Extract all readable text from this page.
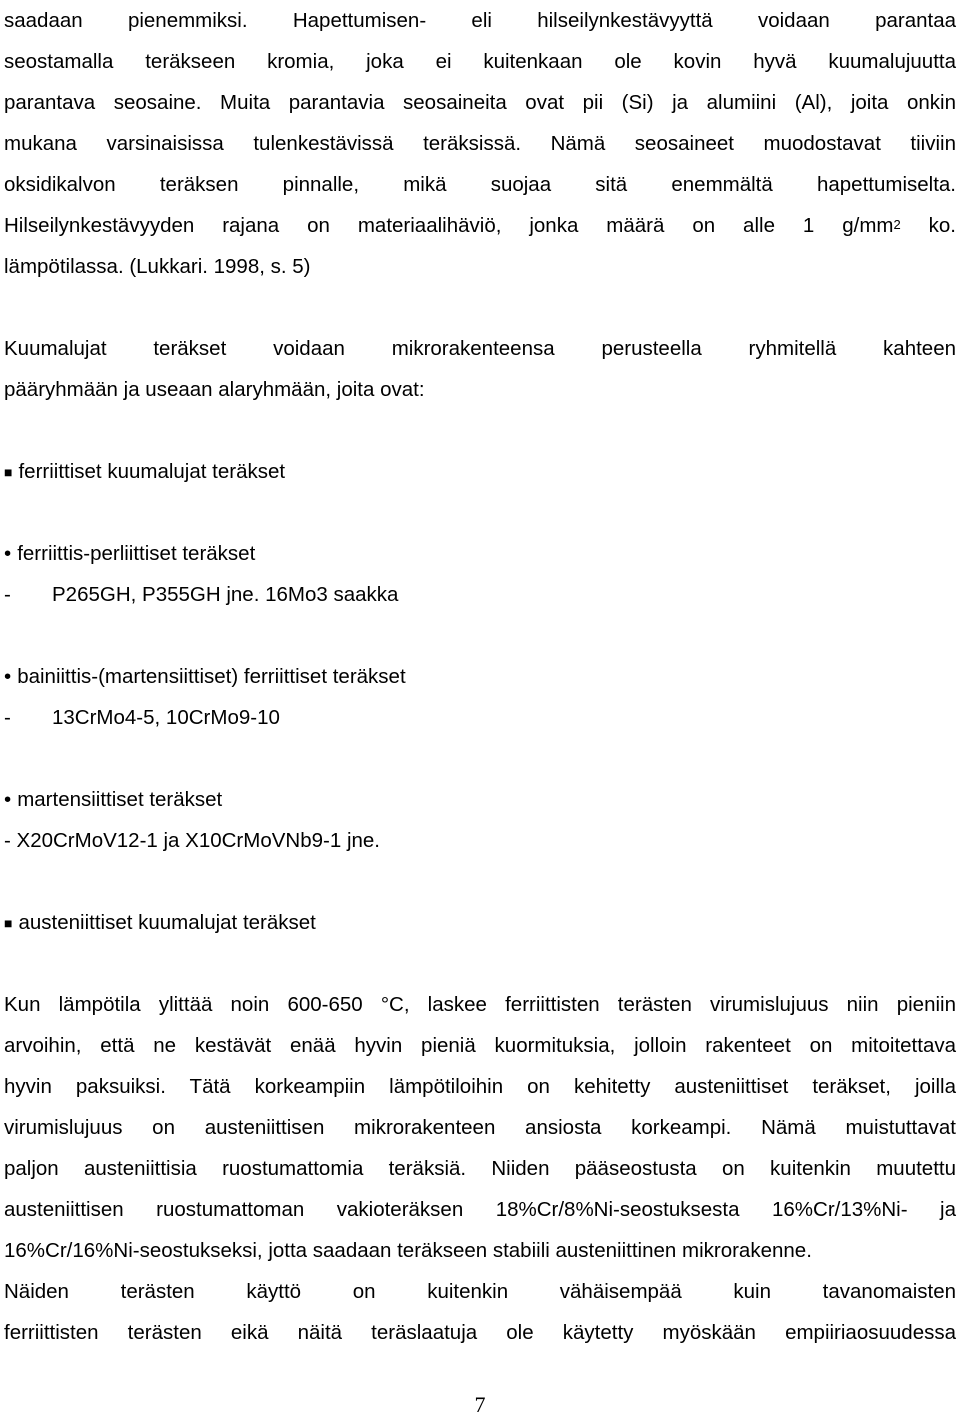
saadaan pienemmiksi. Hapettumisen- eli hilseilynkestävyyttä voidaan parantaa
seostamalla teräkseen kromia, joka ei kuitenkaan ole kovin hyvä kuumalujuutta
parantava seosaine. Muita parantavia seosaineita ovat pii (Si) ja alumiini (Al), joita onkin
mukana varsinaisissa tulenkestävissä teräksissä. Nämä seosaineet muodostavat tiiviin
oksidikalvon teräksen pinnalle, mikä suojaa sitä enemmältä hapettumiselta.
Hilseilynkestävyyden rajana on materiaalihäviö, jonka määrä on alle 1 $g/mm^2$ ko.
lämpötilassa. (Lukkari. 1998, s. 5)
Kuumalujat teräkset voidaan mikrorakenteensa perusteella ryhmitellä kahteen
pääryhmään ja useaan alaryhmään, joita ovat:
■ ferriittiset kuumalujat teräkset
• ferriittis-perliittiset teräkset
- P265GH, P355GH jne. 16Mo3 saakka
• bainiittis-(martensiittiset) ferriittiset teräkset
- 13CrMo4-5, 10CrMo9-10
• martensiittiset teräkset
- X20CrMoV12-1 ja X10CrMoVNb9-1 jne.
■ austeniittiset kuumalujat teräkset
Kun lämpötila ylittää noin 600-650 °C, laskee ferriittisten terästen virumislujuus niin pieniin
arvoihin, että ne kestävät enää hyvin pieniä kuormituksia, jolloin rakenteet on mitoitettava
hyvin paksuiksi. Tätä korkeampiin lämpötiloihin on kehitetty austeniittiset teräkset, joilla
virumislujuus on austeniittisen mikrorakenteen ansiosta korkeampi. Nämä muistuttavat
paljon austeniittisia ruostumattomia teräksiä. Niiden pääseostusta on kuitenkin muutettu
austeniittisen ruostumattoman vakioteräksen 18%Cr/8%Ni-seostuksesta 16%Cr/13%Ni- ja
16%Cr/16%Ni-seostukseksi, jotta saadaan teräkseen stabiili austeniittinen mikrorakenne.
Näiden terästen käyttö on kuitenkin vähäisempää kuin tavanomaisten
ferriittisten terästen eikä näitä teräslaatuja ole käytetty myöskään empiiriaosuudessa
7
